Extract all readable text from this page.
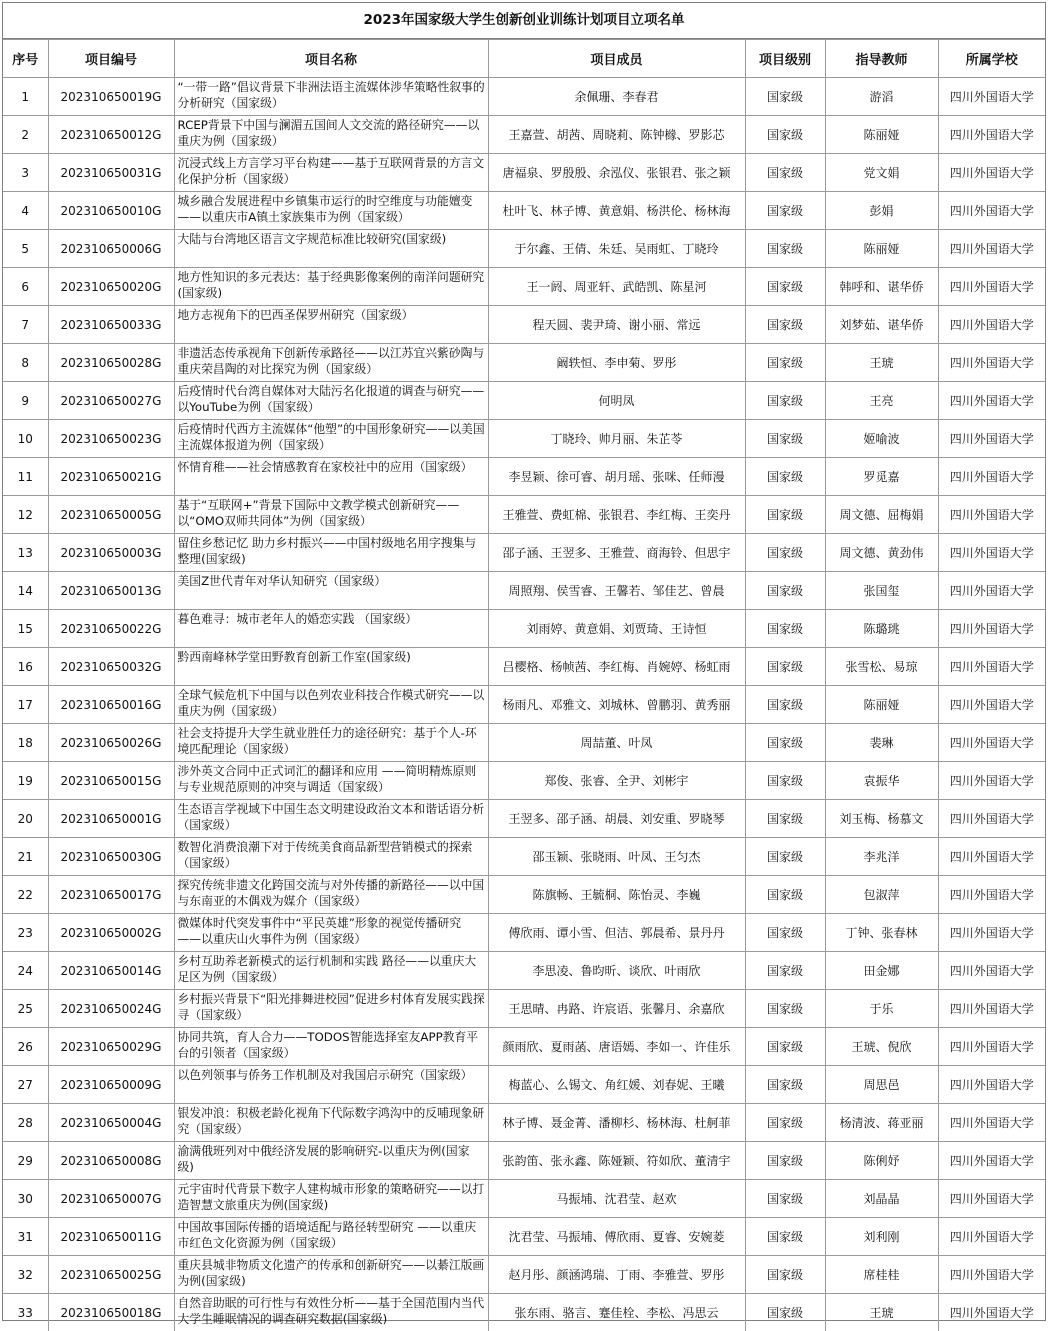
2023年国家级大学生创新创业训练计划项目立项名单
序号	项目编号	项目名称	项目成员	项目级别	指导教师	所属学校
1	202310650019G	“一带一路”倡议背景下非洲法语主流媒体涉华策略性叙事的分析研究（国家级）	余佩珊、李春君	国家级	游滔	四川外国语大学
2	202310650012G	RCEP背景下中国与澜湄五国间人文交流的路径研究——以重庆为例（国家级）	王嘉萱、胡茜、周晓莉、陈钟橼、罗影芯	国家级	陈丽娅	四川外国语大学
3	202310650031G	沉浸式线上方言学习平台构建——基于互联网背景的方言文化保护分析（国家级）	唐福泉、罗殷殷、余泓仪、张银君、张之颖	国家级	党文娟	四川外国语大学
4	202310650010G	城乡融合发展进程中乡镇集市运行的时空维度与功能嬗变——以重庆市A镇土家族集市为例（国家级）	杜叶飞、林子博、黄意娟、杨洪伦、杨林海	国家级	彭娟	四川外国语大学
5	202310650006G	大陆与台湾地区语言文字规范标准比较研究(国家级)	于尔鑫、王倩、朱廷、吴雨虹、丁晓玲	国家级	陈丽娅	四川外国语大学
6	202310650020G	地方性知识的多元表达：基于经典影像案例的南洋问题研究 (国家级)	王一阏、周亚轩、武皓凯、陈星河	国家级	韩呼和、谌华侨	四川外国语大学
7	202310650033G	地方志视角下的巴西圣保罗州研究（国家级）	程天圆、裴尹琦、谢小丽、常远	国家级	刘梦茹、谌华侨	四川外国语大学
8	202310650028G	非遗活态传承视角下创新传承路径——以江苏宜兴紫砂陶与重庆荣昌陶的对比探究为例（国家级）	阚轶恒、李申菊、罗彤	国家级	王琥	四川外国语大学
9	202310650027G	后疫情时代台湾自媒体对大陆污名化报道的调查与研究——以YouTube为例（国家级）	何明凤	国家级	王亮	四川外国语大学
10	202310650023G	后疫情时代西方主流媒体“他塑”的中国形象研究——以美国主流媒体报道为例（国家级）	丁晓玲、帅月丽、朱芷苓	国家级	姬喻波	四川外国语大学
11	202310650021G	怀情育稚——社会情感教育在家校社中的应用（国家级）	李昱颖、徐可睿、胡月瑶、张咪、任师漫	国家级	罗觅嘉	四川外国语大学
12	202310650005G	基于“互联网+”背景下国际中文教学模式创新研究——以“OMO双师共同体”为例（国家级）	王雅萱、费虹棉、张银君、李红梅、王奕丹	国家级	周文德、屈梅娟	四川外国语大学
13	202310650003G	留住乡愁记忆 助力乡村振兴——中国村级地名用字搜集与整理(国家级)	邵子涵、王翌多、王雅萱、商海铃、但思宇	国家级	周文德、黄劲伟	四川外国语大学
14	202310650013G	美国Z世代青年对华认知研究（国家级）	周照翔、侯雪睿、王馨若、邹佳艺、曾晨	国家级	张国玺	四川外国语大学
15	202310650022G	暮色难寻：城市老年人的婚恋实践 （国家级）	刘雨婷、黄意娟、刘贾琦、王诗恒	国家级	陈璐珧	四川外国语大学
16	202310650032G	黔西南峰林学堂田野教育创新工作室(国家级)	吕樱格、杨帧茜、李红梅、肖婉婷、杨虹雨	国家级	张雪松、易琼	四川外国语大学
17	202310650016G	全球气候危机下中国与以色列农业科技合作模式研究——以重庆为例（国家级）	杨雨凡、邓雅文、刘城林、曾鹏羽、黄秀丽	国家级	陈丽娅	四川外国语大学
18	202310650026G	社会支持提升大学生就业胜任力的途径研究：基于个人-环境匹配理论（国家级）	周喆董、叶凤	国家级	裴琳	四川外国语大学
19	202310650015G	涉外英文合同中正式词汇的翻译和应用 ——简明精炼原则与专业规范原则的冲突与调适（国家级）	郑俊、张睿、全尹、刘彬宇	国家级	袁振华	四川外国语大学
20	202310650001G	生态语言学视域下中国生态文明建设政治文本和谐话语分析（国家级）	王翌多、邵子涵、胡晨、刘安重、罗晓琴	国家级	刘玉梅、杨慕文	四川外国语大学
21	202310650030G	数智化消费浪潮下对于传统美食商品新型营销模式的探索（国家级）	邵玉颖、张晓雨、叶凤、王匀杰	国家级	李兆洋	四川外国语大学
22	202310650017G	探究传统非遗文化跨国交流与对外传播的新路径——以中国与东南亚的木偶戏为媒介（国家级）	陈旗畅、王毓桐、陈怡灵、李巍	国家级	包淑萍	四川外国语大学
23	202310650002G	微媒体时代突发事件中“平民英雄”形象的视觉传播研究 ——以重庆山火事件为例（国家级）	傅欣雨、谭小雪、但洁、郭晨希、景丹丹	国家级	丁钟、张春林	四川外国语大学
24	202310650014G	乡村互助养老新模式的运行机制和实践 路径——以重庆大足区为例（国家级）	李思凌、鲁昀昕、谈欣、叶雨欣	国家级	田金娜	四川外国语大学
25	202310650024G	乡村振兴背景下“阳光排舞进校园”促进乡村体育发展实践探寻（国家级）	王思晴、冉路、许宸语、张馨月、余嘉欣	国家级	于乐	四川外国语大学
26	202310650029G	协同共筑，育人合力——TODOS智能选择室友APP教育平台的引领者（国家级）	颜雨欣、夏雨菡、唐语嫣、李如一、许佳乐	国家级	王琥、倪欣	四川外国语大学
27	202310650009G	以色列领事与侨务工作机制及对我国启示研究（国家级）	梅蓝心、么锡文、角红媛、刘春妮、王曦	国家级	周思邑	四川外国语大学
28	202310650004G	银发冲浪：积极老龄化视角下代际数字鸿沟中的反哺现象研究（国家级）	林子博、聂金菁、潘柳杉、杨林海、杜舸菲	国家级	杨清波、蒋亚丽	四川外国语大学
29	202310650008G	渝满俄班列对中俄经济发展的影响研究-以重庆为例(国家级)	张韵笛、张永鑫、陈娅颖、符如欣、董清宇	国家级	陈俐妤	四川外国语大学
30	202310650007G	元宇宙时代背景下数字人建构城市形象的策略研究——以打造智慧文旅重庆为例(国家级)	马振埔、沈君莹、赵欢	国家级	刘晶晶	四川外国语大学
31	202310650011G	中国故事国际传播的语境适配与路径转型研究 ——以重庆市红色文化资源为例（国家级）	沈君莹、马振埔、傅欣雨、夏睿、安婉菱	国家级	刘利刚	四川外国语大学
32	202310650025G	重庆县城非物质文化遗产的传承和创新研究——以綦江版画为例(国家级)	赵月彤、颜涵鸿瑞、丁雨、李雅萱、罗彤	国家级	席桂桂	四川外国语大学
33	202310650018G	自然音助眠的可行性与有效性分析——基于全国范围内当代大学生睡眠情况的调查研究数据(国家级)	张东雨、骆言、蹇佳栓、李松、冯思云	国家级	王琥	四川外国语大学
